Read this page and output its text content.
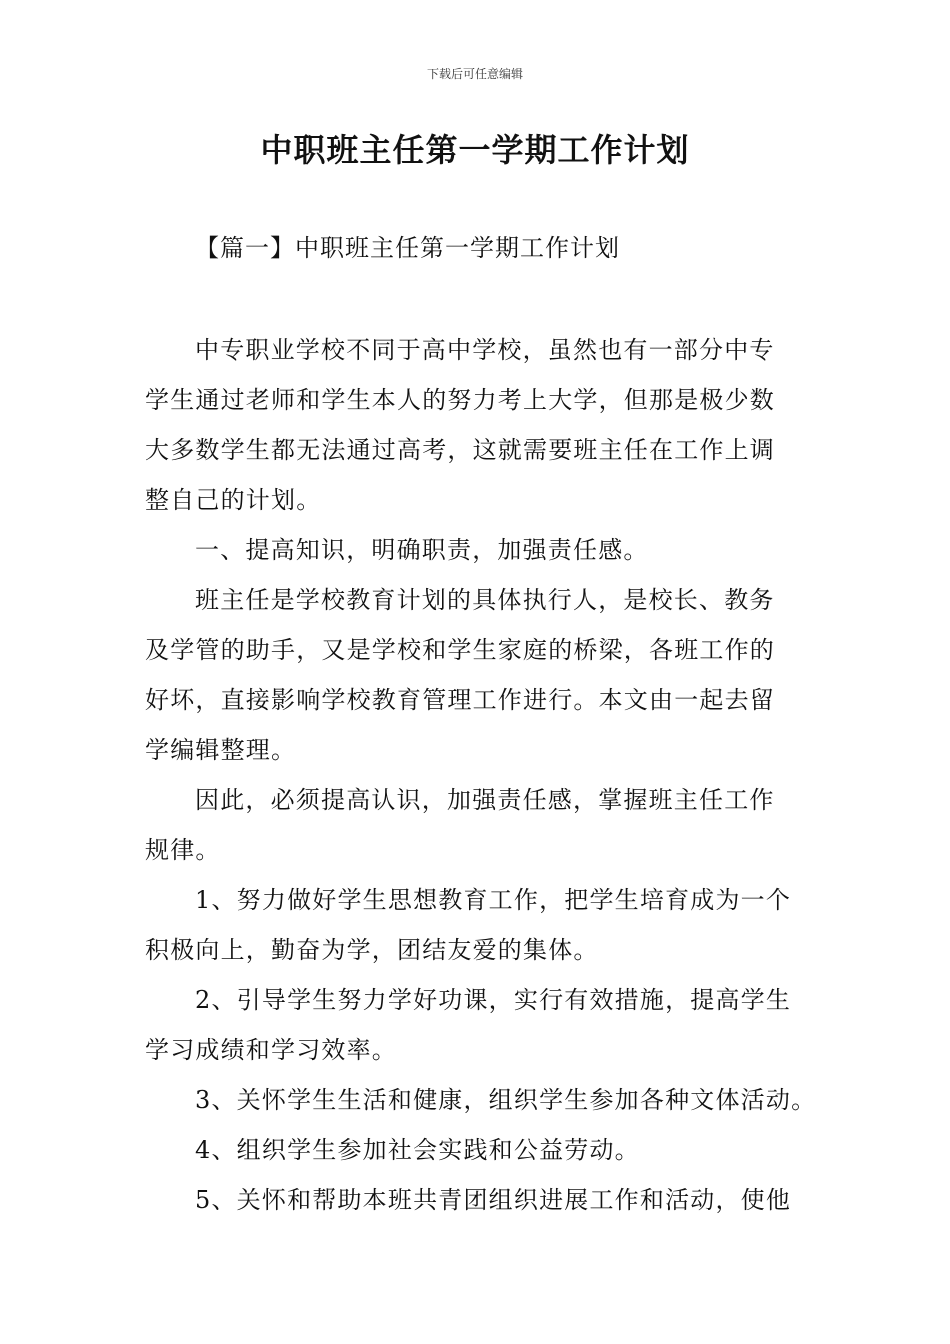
下载后可任意编辑
中职班主任第一学期工作计划
【篇一】中职班主任第一学期工作计划

中专职业学校不同于高中学校，虽然也有一部分中专
学生通过老师和学生本人的努力考上大学，但那是极少数
大多数学生都无法通过高考，这就需要班主任在工作上调
整自己的计划。

一、提高知识，明确职责，加强责任感。

班主任是学校教育计划的具体执行人，是校长、教务
及学管的助手，又是学校和学生家庭的桥梁，各班工作的
好坏，直接影响学校教育管理工作进行。本文由一起去留
学编辑整理。

因此，必须提高认识，加强责任感，掌握班主任工作
规律。

1、努力做好学生思想教育工作，把学生培育成为一个
积极向上，勤奋为学，团结友爱的集体。

2、引导学生努力学好功课，实行有效措施，提高学生
学习成绩和学习效率。

3、关怀学生生活和健康，组织学生参加各种文体活动。

4、组织学生参加社会实践和公益劳动。

5、关怀和帮助本班共青团组织进展工作和活动，使他
